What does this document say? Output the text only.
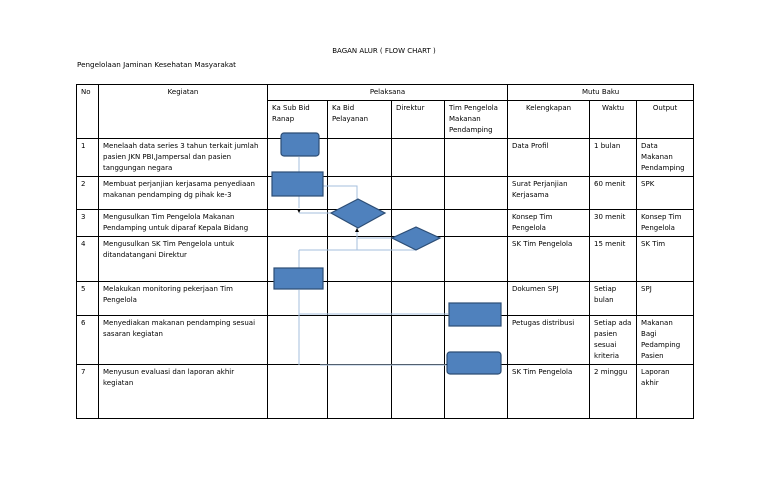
BAGAN ALUR ( FLOW CHART )
Pengelolaan Jaminan Kesehatan Masyarakat
No	Kegiatan	Pelaksana				Mutu Baku		
		Ka Sub Bid Ranap	Ka Bid Pelayanan	Direktur	Tim Pengelola Makanan Pendamping	Kelengkapan	Waktu	Output
1	Menelaah data series 3 tahun terkait jumlah pasien JKN PBI,Jampersal dan pasien tanggungan negara					Data Profil	1 bulan	Data Makanan Pendamping
2	Membuat perjanjian kerjasama penyediaan makanan pendamping dg pihak ke-3					Surat Perjanjian Kerjasama	60 menit	SPK
3	Mengusulkan Tim Pengelola Makanan Pendamping untuk diparaf Kepala Bidang					Konsep Tim Pengelola	30 menit	Konsep Tim Pengelola
4	Mengusulkan SK Tim Pengelola untuk ditandatangani Direktur					SK Tim Pengelola	15 menit	SK Tim
5	Melakukan monitoring pekerjaan Tim Pengelola					Dokumen SPJ	Setiap bulan	SPJ
6	Menyediakan makanan pendamping sesuai sasaran kegiatan					Petugas distribusi	Setiap ada pasien sesuai kriteria	Makanan Bagi Pedamping Pasien
7	Menyusun evaluasi dan laporan akhir kegiatan					SK Tim Pengelola	2 minggu	Laporan akhir
